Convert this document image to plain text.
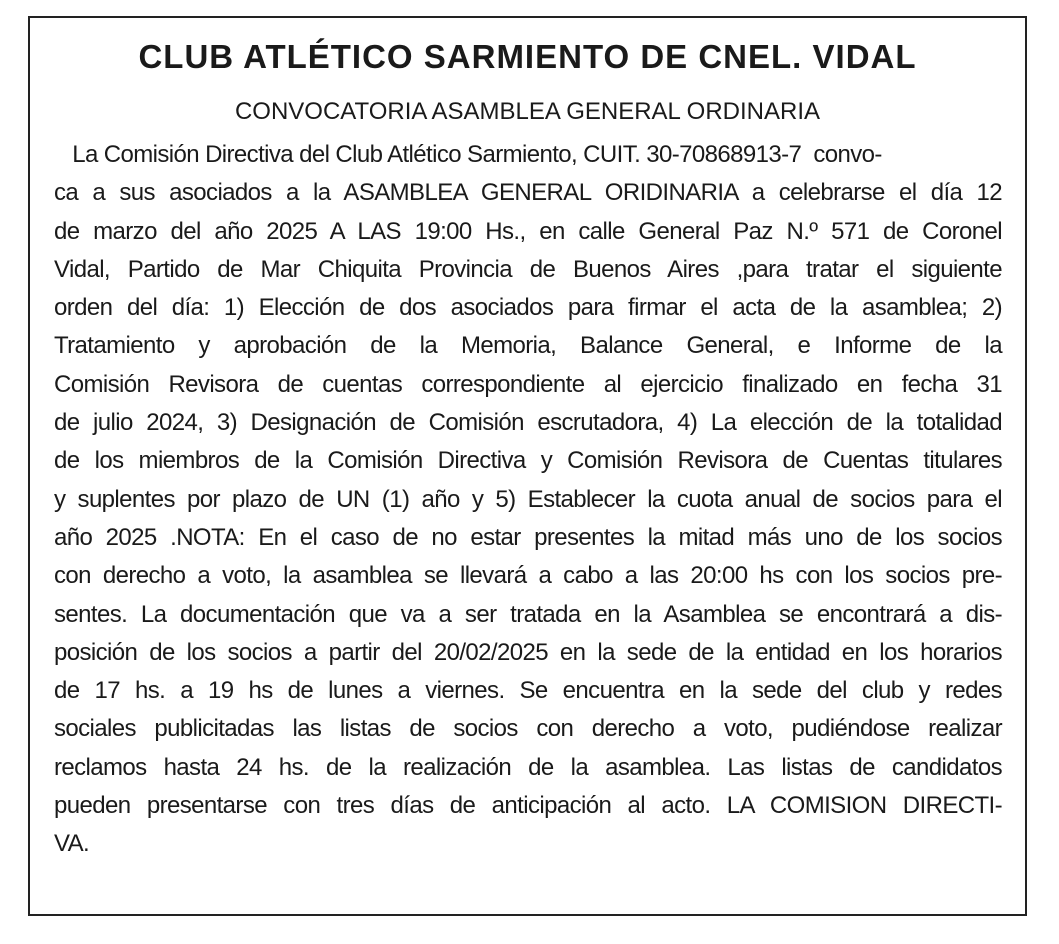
CLUB ATLÉTICO SARMIENTO DE CNEL. VIDAL
CONVOCATORIA ASAMBLEA GENERAL ORDINARIA
La Comisión Directiva del Club Atlético Sarmiento, CUIT. 30-70868913-7  convo-
ca a sus asociados a la ASAMBLEA GENERAL ORIDINARIA a celebrarse el día 12
de marzo del año 2025 A LAS 19:00 Hs., en calle General Paz N.º 571 de Coronel
Vidal, Partido de Mar Chiquita Provincia de Buenos Aires ,para tratar el siguiente
orden del día: 1) Elección de dos asociados para firmar el acta de la asamblea; 2)
Tratamiento y aprobación de la Memoria, Balance General, e Informe de la
Comisión Revisora de cuentas correspondiente al ejercicio finalizado en fecha 31
de julio 2024, 3) Designación de Comisión escrutadora, 4) La elección de la totalidad
de los miembros de la Comisión Directiva y Comisión Revisora de Cuentas titulares
y suplentes por plazo de UN (1) año y 5) Establecer la cuota anual de socios para el
año 2025 .NOTA: En el caso de no estar presentes la mitad más uno de los socios
con derecho a voto, la asamblea se llevará a cabo a las 20:00 hs con los socios pre-
sentes. La documentación que va a ser tratada en la Asamblea se encontrará a dis-
posición de los socios a partir del 20/02/2025 en la sede de la entidad en los horarios
de 17 hs. a 19 hs de lunes a viernes. Se encuentra en la sede del club y redes
sociales publicitadas las listas de socios con derecho a voto, pudiéndose realizar
reclamos hasta 24 hs. de la realización de la asamblea. Las listas de candidatos
pueden presentarse con tres días de anticipación al acto. LA COMISION DIRECTI-
VA.
